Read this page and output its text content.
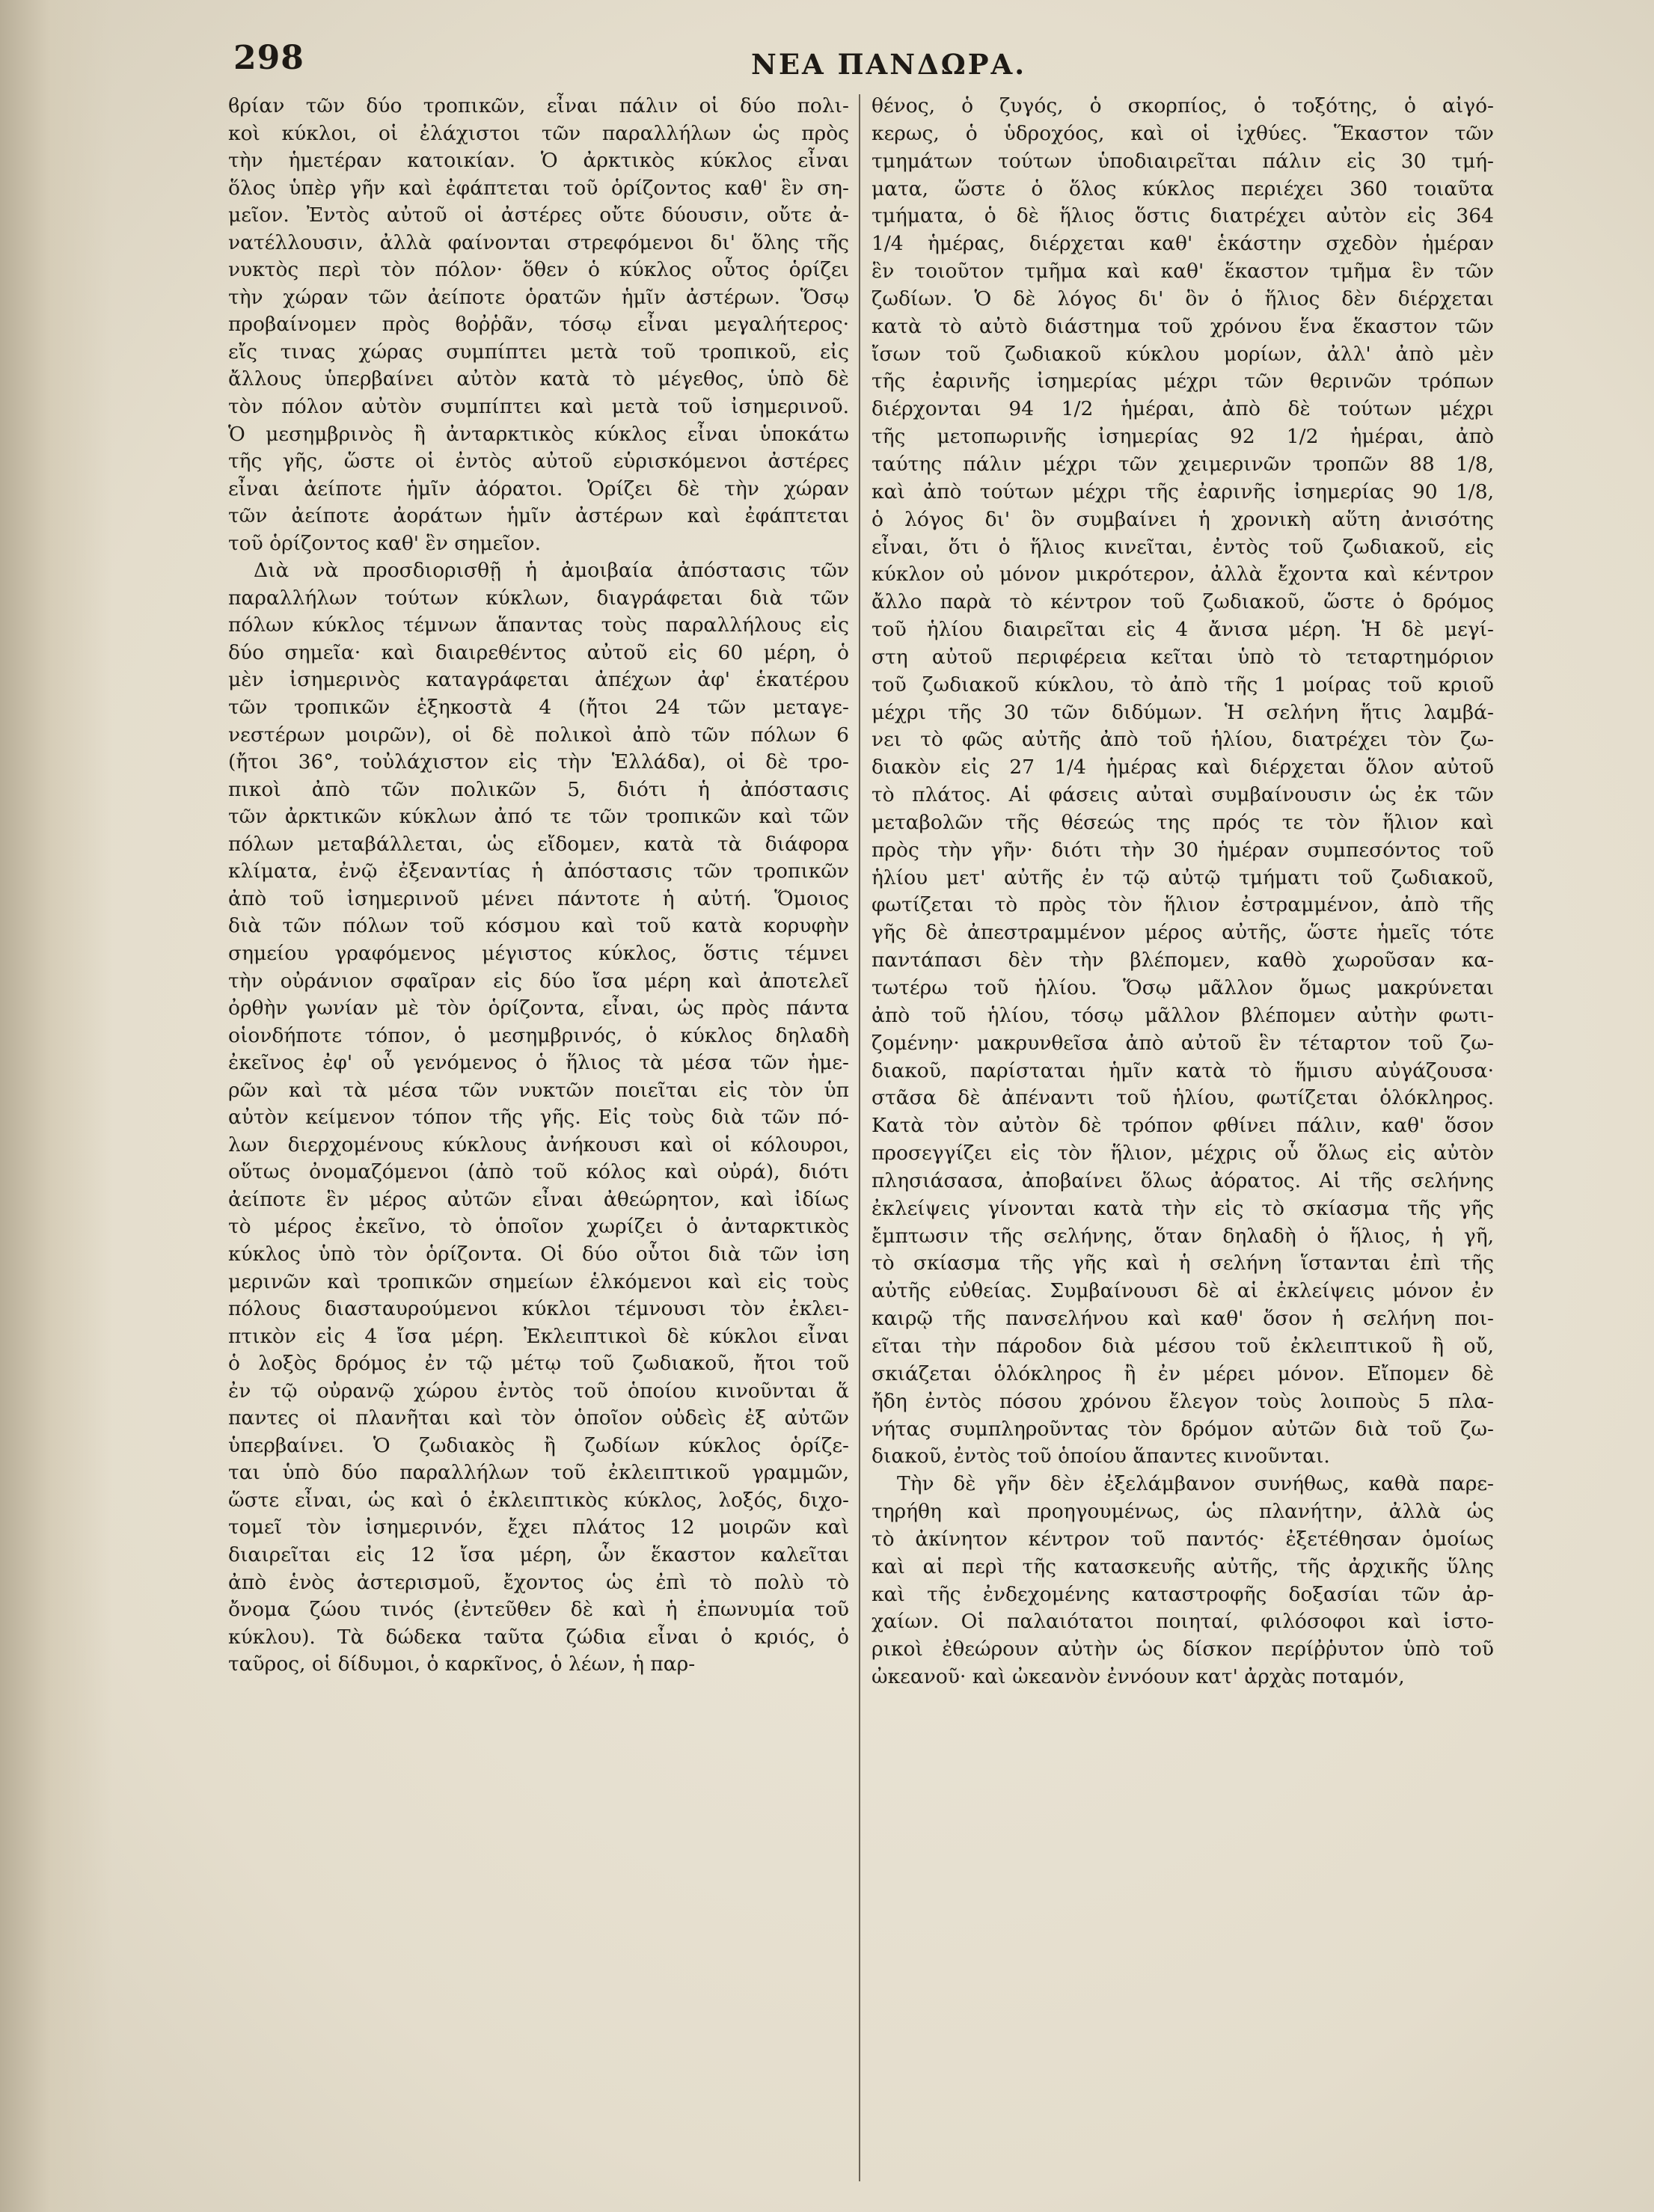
298	ΝΕΑ ΠΑΝΔΩΡΑ.
ϐρίαν τῶν δύο τροπικῶν, εἶναι πάλιν οἱ δύο πολι-
κοὶ κύκλοι, οἱ ἐλάχιστοι τῶν παραλλήλων ὡς πρὸς
τὴν ἡμετέραν κατοικίαν. Ὁ ἀρκτικὸς κύκλος εἶναι
ὅλος ὑπὲρ γῆν καὶ ἐφάπτεται τοῦ ὁρίζοντος καθ' ἓν ση-
μεῖον. Ἐντὸς αὐτοῦ οἱ ἀστέρες οὔτε δύουσιν, οὔτε ἀ-
νατέλλουσιν, ἀλλὰ φαίνονται στρεφόμενοι δι' ὅλης τῆς
νυκτὸς περὶ τὸν πόλον· ὅθεν ὁ κύκλος οὗτος ὁρίζει
τὴν χώραν τῶν ἀείποτε ὁρατῶν ἡμῖν ἀστέρων. Ὅσῳ
προβαίνομεν πρὸς ϐοῤῥᾶν, τόσῳ εἶναι μεγαλήτερος·
εἴς τινας χώρας συμπίπτει μετὰ τοῦ τροπικοῦ, εἰς
ἄλλους ὑπερβαίνει αὐτὸν κατὰ τὸ μέγεθος, ὑπὸ δὲ
τὸν πόλον αὐτὸν συμπίπτει καὶ μετὰ τοῦ ἰσημερινοῦ.
Ὁ μεσημβρινὸς ἢ ἀνταρκτικὸς κύκλος εἶναι ὑποκάτω
τῆς γῆς, ὥστε οἱ ἐντὸς αὐτοῦ εὑρισκόμενοι ἀστέρες
εἶναι ἀείποτε ἡμῖν ἀόρατοι. Ὁρίζει δὲ τὴν χώραν
τῶν ἀείποτε ἀοράτων ἡμῖν ἀστέρων καὶ ἐφάπτεται
τοῦ ὁρίζοντος καθ' ἓν σημεῖον.
Διὰ νὰ προσδιορισθῇ ἡ ἀμοιβαία ἀπόστασις τῶν
παραλλήλων τούτων κύκλων, διαγράφεται διὰ τῶν
πόλων κύκλος τέμνων ἅπαντας τοὺς παραλλήλους εἰς
δύο σημεῖα· καὶ διαιρεθέντος αὐτοῦ εἰς 60 μέρη, ὁ
μὲν ἰσημερινὸς καταγράφεται ἀπέχων ἀφ' ἑκατέρου
τῶν τροπικῶν ἑξηκοστὰ 4 (ἤτοι 24 τῶν μεταγε-
νεστέρων μοιρῶν), οἱ δὲ πολικοὶ ἀπὸ τῶν πόλων 6
(ἤτοι 36°, τοὐλάχιστον εἰς τὴν Ἑλλάδα), οἱ δὲ τρο-
πικοὶ ἀπὸ τῶν πολικῶν 5, διότι ἡ ἀπόστασις
τῶν ἀρκτικῶν κύκλων ἀπό τε τῶν τροπικῶν καὶ τῶν
πόλων μεταβάλλεται, ὡς εἴδομεν, κατὰ τὰ διάφορα
κλίματα, ἐνῷ ἐξεναντίας ἡ ἀπόστασις τῶν τροπικῶν
ἀπὸ τοῦ ἰσημερινοῦ μένει πάντοτε ἡ αὐτή. Ὅμοιος
διὰ τῶν πόλων τοῦ κόσμου καὶ τοῦ κατὰ κορυφὴν
σημείου γραφόμενος μέγιστος κύκλος, ὅστις τέμνει
τὴν οὐράνιον σφαῖραν εἰς δύο ἴσα μέρη καὶ ἀποτελεῖ
ὀρθὴν γωνίαν μὲ τὸν ὁρίζοντα, εἶναι, ὡς πρὸς πάντα
οἱονδήποτε τόπον, ὁ μεσημβρινός, ὁ κύκλος δηλαδὴ
ἐκεῖνος ἐφ' οὗ γενόμενος ὁ ἥλιος τὰ μέσα τῶν ἡμε-
ρῶν καὶ τὰ μέσα τῶν νυκτῶν ποιεῖται εἰς τὸν ὑπ
αὐτὸν κείμενον τόπον τῆς γῆς. Εἰς τοὺς διὰ τῶν πό-
λων διερχομένους κύκλους ἀνήκουσι καὶ οἱ κόλουροι,
οὕτως ὀνομαζόμενοι (ἀπὸ τοῦ κόλος καὶ οὐρά), διότι
ἀείποτε ἓν μέρος αὐτῶν εἶναι ἀθεώρητον, καὶ ἰδίως
τὸ μέρος ἐκεῖνο, τὸ ὁποῖον χωρίζει ὁ ἀνταρκτικὸς
κύκλος ὑπὸ τὸν ὁρίζοντα. Οἱ δύο οὗτοι διὰ τῶν ἰση
μερινῶν καὶ τροπικῶν σημείων ἑλκόμενοι καὶ εἰς τοὺς
πόλους διασταυρούμενοι κύκλοι τέμνουσι τὸν ἐκλει-
πτικὸν εἰς 4 ἴσα μέρη. Ἐκλειπτικοὶ δὲ κύκλοι εἶναι
ὁ λοξὸς δρόμος ἐν τῷ μέτῳ τοῦ ζωδιακοῦ, ἤτοι τοῦ
ἐν τῷ οὐρανῷ χώρου ἐντὸς τοῦ ὁποίου κινοῦνται ἅ
παντες οἱ πλανῆται καὶ τὸν ὁποῖον οὐδεὶς ἐξ αὐτῶν
ὑπερβαίνει. Ὁ ζωδιακὸς ἢ ζωδίων κύκλος ὁρίζε-
ται ὑπὸ δύο παραλλήλων τοῦ ἐκλειπτικοῦ γραμμῶν,
ὥστε εἶναι, ὡς καὶ ὁ ἐκλειπτικὸς κύκλος, λοξός, διχο-
τομεῖ τὸν ἰσημερινόν, ἔχει πλάτος 12 μοιρῶν καὶ
διαιρεῖται εἰς 12 ἴσα μέρη, ὧν ἕκαστον καλεῖται
ἀπὸ ἑνὸς ἀστερισμοῦ, ἔχοντος ὡς ἐπὶ τὸ πολὺ τὸ
ὄνομα ζώου τινός (ἐντεῦθεν δὲ καὶ ἡ ἐπωνυμία τοῦ
κύκλου). Τὰ δώδεκα ταῦτα ζώδια εἶναι ὁ κριός, ὁ
ταῦρος, οἱ δίδυμοι, ὁ καρκῖνος, ὁ λέων, ἡ παρ-
θένος, ὁ ζυγός, ὁ σκορπίος, ὁ τοξότης, ὁ αἰγό-
κερως, ὁ ὑδροχόος, καὶ οἱ ἰχθύες. Ἕκαστον τῶν
τμημάτων τούτων ὑποδιαιρεῖται πάλιν εἰς 30 τμή-
ματα, ὥστε ὁ ὅλος κύκλος περιέχει 360 τοιαῦτα
τμήματα, ὁ δὲ ἥλιος ὅστις διατρέχει αὐτὸν εἰς 364
1/4 ἡμέρας, διέρχεται καθ' ἑκάστην σχεδὸν ἡμέραν
ἓν τοιοῦτον τμῆμα καὶ καθ' ἕκαστον τμῆμα ἓν τῶν
ζωδίων. Ὁ δὲ λόγος δι' ὃν ὁ ἥλιος δὲν διέρχεται
κατὰ τὸ αὐτὸ διάστημα τοῦ χρόνου ἕνα ἕκαστον τῶν
ἴσων τοῦ ζωδιακοῦ κύκλου μορίων, ἀλλ' ἀπὸ μὲν
τῆς ἐαρινῆς ἰσημερίας μέχρι τῶν θερινῶν τρόπων
διέρχονται 94 1/2 ἡμέραι, ἀπὸ δὲ τούτων μέχρι
τῆς μετοπωρινῆς ἰσημερίας 92 1/2 ἡμέραι, ἀπὸ
ταύτης πάλιν μέχρι τῶν χειμερινῶν τροπῶν 88 1/8,
καὶ ἀπὸ τούτων μέχρι τῆς ἐαρινῆς ἰσημερίας 90 1/8,
ὁ λόγος δι' ὃν συμβαίνει ἡ χρονικὴ αὕτη ἀνισότης
εἶναι, ὅτι ὁ ἥλιος κινεῖται, ἐντὸς τοῦ ζωδιακοῦ, εἰς
κύκλον οὐ μόνον μικρότερον, ἀλλὰ ἔχοντα καὶ κέντρον
ἄλλο παρὰ τὸ κέντρον τοῦ ζωδιακοῦ, ὥστε ὁ δρόμος
τοῦ ἡλίου διαιρεῖται εἰς 4 ἄνισα μέρη. Ἡ δὲ μεγί-
στη αὐτοῦ περιφέρεια κεῖται ὑπὸ τὸ τεταρτημόριον
τοῦ ζωδιακοῦ κύκλου, τὸ ἀπὸ τῆς 1 μοίρας τοῦ κριοῦ
μέχρι τῆς 30 τῶν διδύμων. Ἡ σελήνη ἥτις λαμβά-
νει τὸ φῶς αὐτῆς ἀπὸ τοῦ ἡλίου, διατρέχει τὸν ζω-
διακὸν εἰς 27 1/4 ἡμέρας καὶ διέρχεται ὅλον αὐτοῦ
τὸ πλάτος. Αἱ φάσεις αὐταὶ συμβαίνουσιν ὡς ἐκ τῶν
μεταβολῶν τῆς θέσεώς της πρός τε τὸν ἥλιον καὶ
πρὸς τὴν γῆν· διότι τὴν 30 ἡμέραν συμπεσόντος τοῦ
ἡλίου μετ' αὐτῆς ἐν τῷ αὐτῷ τμήματι τοῦ ζωδιακοῦ,
φωτίζεται τὸ πρὸς τὸν ἥλιον ἐστραμμένον, ἀπὸ τῆς
γῆς δὲ ἀπεστραμμένον μέρος αὐτῆς, ὥστε ἡμεῖς τότε
παντάπασι δὲν τὴν βλέπομεν, καθὸ χωροῦσαν κα-
τωτέρω τοῦ ἡλίου. Ὅσῳ μᾶλλον ὅμως μακρύνεται
ἀπὸ τοῦ ἡλίου, τόσῳ μᾶλλον βλέπομεν αὐτὴν φωτι-
ζομένην· μακρυνθεῖσα ἀπὸ αὐτοῦ ἓν τέταρτον τοῦ ζω-
διακοῦ, παρίσταται ἡμῖν κατὰ τὸ ἥμισυ αὐγάζουσα·
στᾶσα δὲ ἀπέναντι τοῦ ἡλίου, φωτίζεται ὁλόκληρος.
Κατὰ τὸν αὐτὸν δὲ τρόπον φθίνει πάλιν, καθ' ὅσον
προσεγγίζει εἰς τὸν ἥλιον, μέχρις οὗ ὅλως εἰς αὐτὸν
πλησιάσασα, ἀποβαίνει ὅλως ἀόρατος. Αἱ τῆς σελήνης
ἐκλείψεις γίνονται κατὰ τὴν εἰς τὸ σκίασμα τῆς γῆς
ἔμπτωσιν τῆς σελήνης, ὅταν δηλαδὴ ὁ ἥλιος, ἡ γῆ,
τὸ σκίασμα τῆς γῆς καὶ ἡ σελήνη ἵστανται ἐπὶ τῆς
αὐτῆς εὐθείας. Συμβαίνουσι δὲ αἱ ἐκλείψεις μόνον ἐν
καιρῷ τῆς πανσελήνου καὶ καθ' ὅσον ἡ σελήνη ποι-
εῖται τὴν πάροδον διὰ μέσου τοῦ ἐκλειπτικοῦ ἢ οὔ,
σκιάζεται ὁλόκληρος ἢ ἐν μέρει μόνον. Εἴπομεν δὲ
ἤδη ἐντὸς πόσου χρόνου ἔλεγον τοὺς λοιποὺς 5 πλα-
νήτας συμπληροῦντας τὸν δρόμον αὐτῶν διὰ τοῦ ζω-
διακοῦ, ἐντὸς τοῦ ὁποίου ἅπαντες κινοῦνται.
Τὴν δὲ γῆν δὲν ἐξελάμβανον συνήθως, καθὰ παρε-
τηρήθη καὶ προηγουμένως, ὡς πλανήτην, ἀλλὰ ὡς
τὸ ἀκίνητον κέντρον τοῦ παντός· ἐξετέθησαν ὁμοίως
καὶ αἱ περὶ τῆς κατασκευῆς αὐτῆς, τῆς ἀρχικῆς ὕλης
καὶ τῆς ἐνδεχομένης καταστροφῆς δοξασίαι τῶν ἀρ-
χαίων. Οἱ παλαιότατοι ποιηταί, φιλόσοφοι καὶ ἱστο-
ρικοὶ ἐθεώρουν αὐτὴν ὡς δίσκον περίῤῥυτον ὑπὸ τοῦ
ὠκεανοῦ· καὶ ὠκεανὸν ἐννόουν κατ' ἀρχὰς ποταμόν,
